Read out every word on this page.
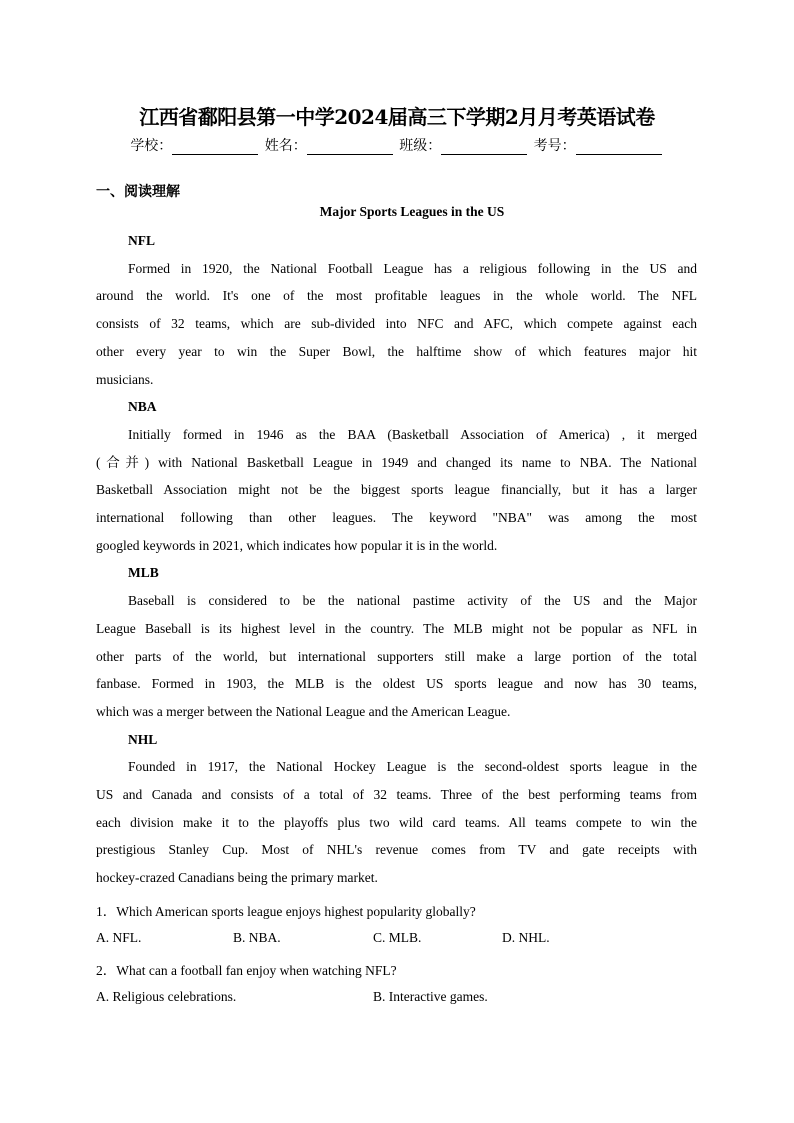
江西省鄱阳县第一中学2024届高三下学期2月月考英语试卷
学校：	姓名：	班级：	考号：
一、阅读理解
Major Sports Leagues in the US
NFL
Formed in 1920, the National Football League has a religious following in the US and
around the world. It's one of the most profitable leagues in the whole world. The NFL
consists of 32 teams, which are sub-divided into NFC and AFC, which compete against each
other every year to win the Super Bowl, the halftime show of which features major hit
musicians.
NBA
Initially formed in 1946 as the BAA (Basketball Association of America) , it merged
(合并) with National Basketball League in 1949 and changed its name to NBA. The National
Basketball Association might not be the biggest sports league financially, but it has a larger
international following than other leagues. The keyword "NBA" was among the most
googled keywords in 2021, which indicates how popular it is in the world.
MLB
Baseball is considered to be the national pastime activity of the US and the Major
League Baseball is its highest level in the country. The MLB might not be popular as NFL in
other parts of the world, but international supporters still make a large portion of the total
fanbase. Formed in 1903, the MLB is the oldest US sports league and now has 30 teams,
which was a merger between the National League and the American League.
NHL
Founded in 1917, the National Hockey League is the second-oldest sports league in the
US and Canada and consists of a total of 32 teams. Three of the best performing teams from
each division make it to the playoffs plus two wild card teams. All teams compete to win the
prestigious Stanley Cup. Most of NHL's revenue comes from TV and gate receipts with
hockey-crazed Canadians being the primary market.
1．Which American sports league enjoys highest popularity globally?
A. NFL.	B. NBA.	C. MLB.	D. NHL.
2．What can a football fan enjoy when watching NFL?
A. Religious celebrations.	B. Interactive games.
